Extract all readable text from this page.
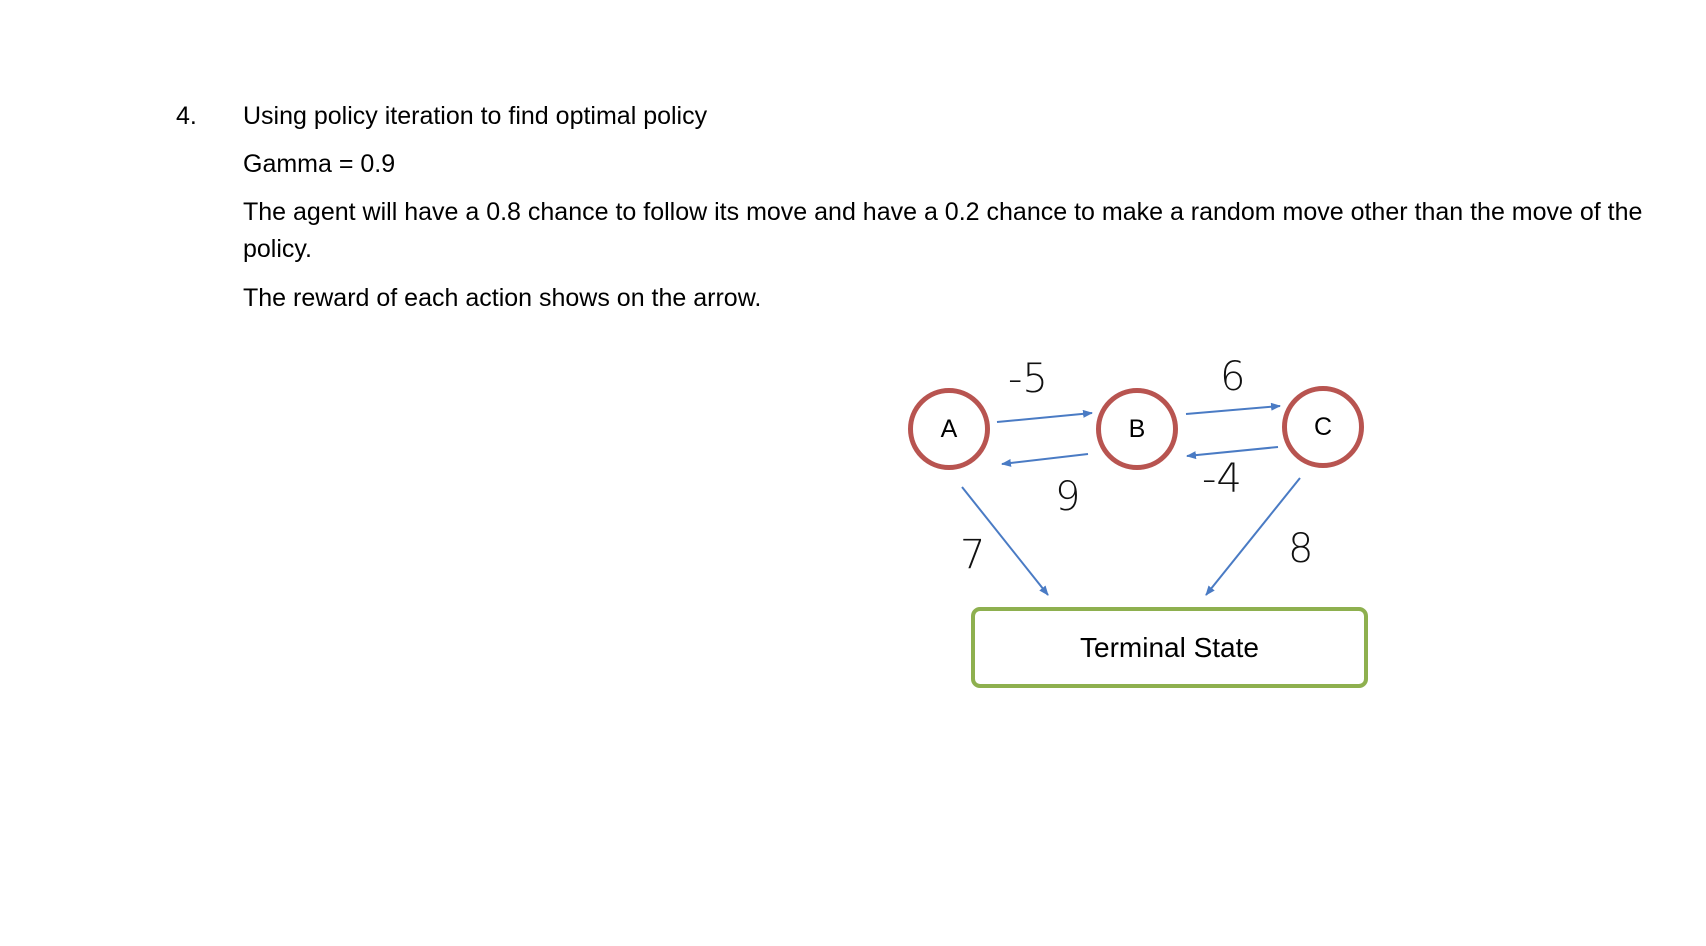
4. Using policy iteration to find optimal policy
Gamma = 0.9
The agent will have a 0.8 chance to follow its move and have a 0.2 chance to make a random move other than the move of the policy.
The reward of each action shows on the arrow.
-5
9
6
-4
7	8
A	B	C
Terminal State
